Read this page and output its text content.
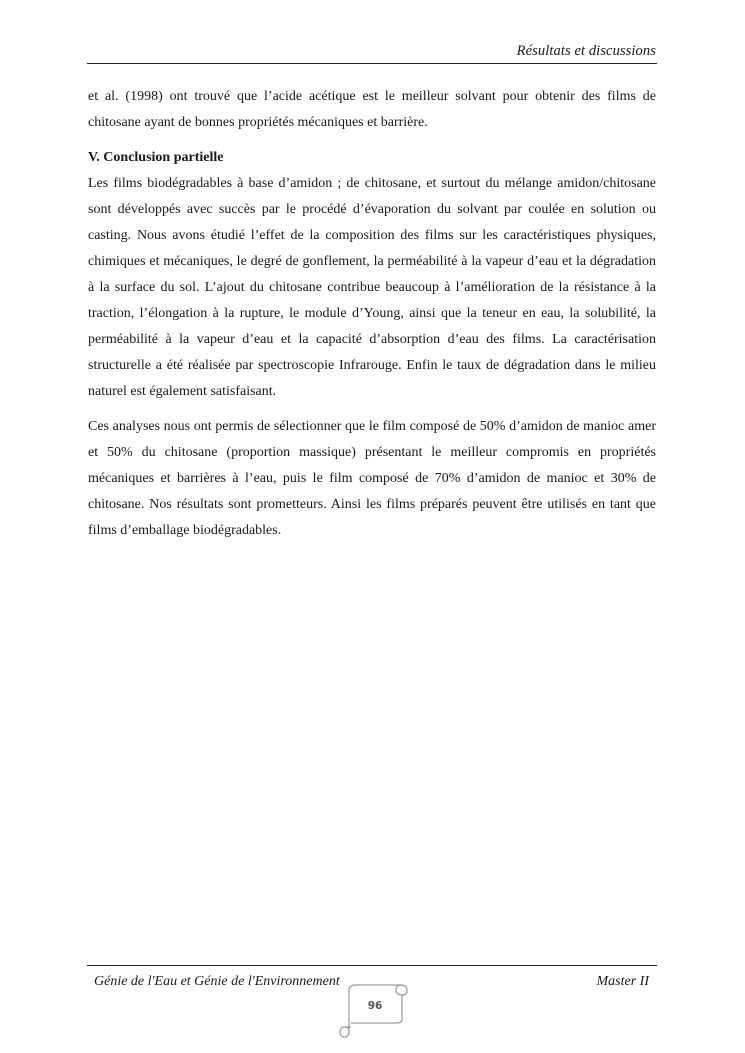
Résultats et discussions

et al. (1998) ont trouvé que l’acide acétique est le meilleur solvant pour obtenir des films de chitosane ayant de bonnes propriétés mécaniques et barrière.

V. Conclusion partielle

Les films biodégradables à base d’amidon ; de chitosane, et surtout du mélange amidon/chitosane sont développés avec succès par le procédé d’évaporation du solvant par coulée en solution ou casting. Nous avons étudié l’effet de la composition des films sur les caractéristiques physiques, chimiques et mécaniques, le degré de gonflement, la perméabilité à la vapeur d’eau et la dégradation à la surface du sol. L’ajout du chitosane contribue beaucoup à l’amélioration de la résistance à la traction, l’élongation à la rupture, le module d’Young, ainsi que la teneur en eau, la solubilité, la perméabilité à la vapeur d’eau et la capacité d’absorption d’eau des films. La caractérisation structurelle a été réalisée par spectroscopie Infrarouge. Enfin le taux de dégradation dans le milieu naturel est également satisfaisant.

Ces analyses nous ont permis de sélectionner que le film composé de 50% d’amidon de manioc amer et 50% du chitosane (proportion massique) présentant le meilleur compromis en propriétés mécaniques et barrières à l’eau, puis le film composé de 70% d’amidon de manioc et 30% de chitosane. Nos résultats sont prometteurs. Ainsi les films préparés peuvent être utilisés en tant que films d’emballage biodégradables.

Génie de l'Eau et Génie de l'Environnement	Master II
96
